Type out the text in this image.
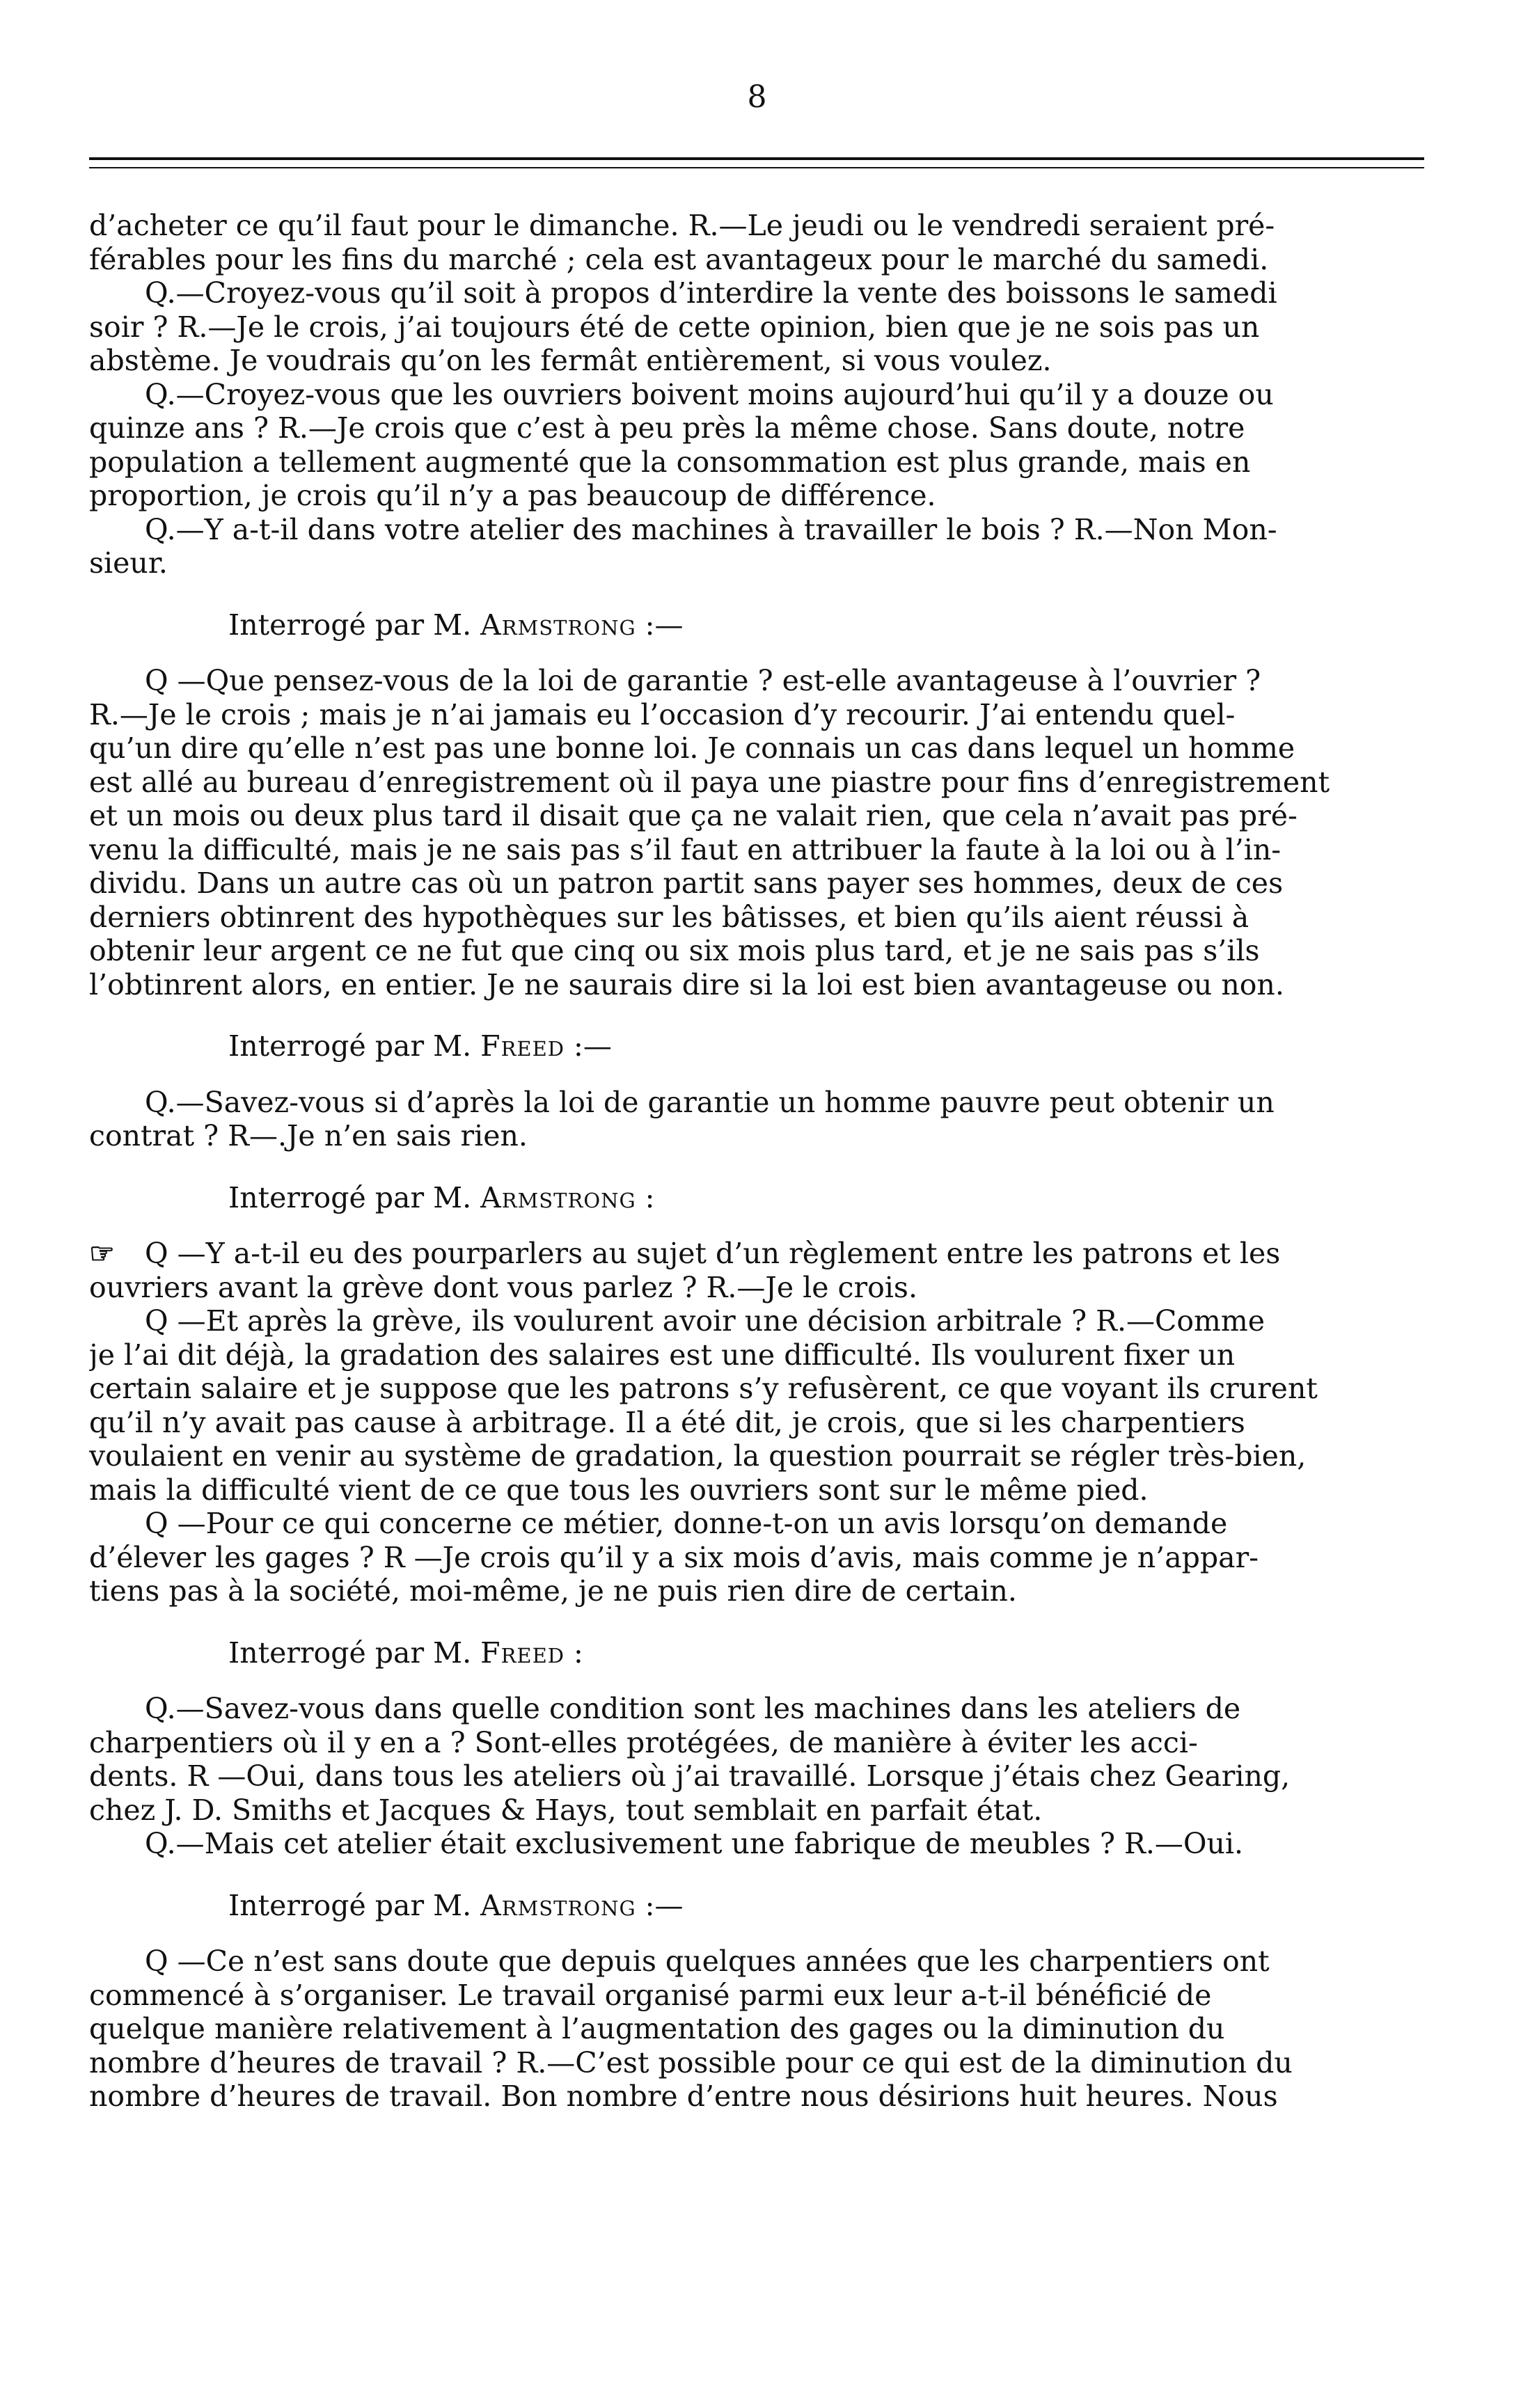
8
d’acheter ce qu’il faut pour le dimanche. R.—Le jeudi ou le vendredi seraient pré-
férables pour les fins du marché ; cela est avantageux pour le marché du samedi.
Q.—Croyez-vous qu’il soit à propos d’interdire la vente des boissons le samedi
soir ? R.—Je le crois, j’ai toujours été de cette opinion, bien que je ne sois pas un
abstème. Je voudrais qu’on les fermât entièrement, si vous voulez.
Q.—Croyez-vous que les ouvriers boivent moins aujourd’hui qu’il y a douze ou
quinze ans ? R.—Je crois que c’est à peu près la même chose. Sans doute, notre
population a tellement augmenté que la consommation est plus grande, mais en
proportion, je crois qu’il n’y a pas beaucoup de différence.
Q.—Y a-t-il dans votre atelier des machines à travailler le bois ? R.—Non Mon-
sieur.
Interrogé par M. Armstrong :—
Q —Que pensez-vous de la loi de garantie ? est-elle avantageuse à l’ouvrier ?
R.—Je le crois ; mais je n’ai jamais eu l’occasion d’y recourir. J’ai entendu quel-
qu’un dire qu’elle n’est pas une bonne loi. Je connais un cas dans lequel un homme
est allé au bureau d’enregistrement où il paya une piastre pour fins d’enregistrement
et un mois ou deux plus tard il disait que ça ne valait rien, que cela n’avait pas pré-
venu la difficulté, mais je ne sais pas s’il faut en attribuer la faute à la loi ou à l’in-
dividu. Dans un autre cas où un patron partit sans payer ses hommes, deux de ces
derniers obtinrent des hypothèques sur les bâtisses, et bien qu’ils aient réussi à
obtenir leur argent ce ne fut que cinq ou six mois plus tard, et je ne sais pas s’ils
l’obtinrent alors, en entier. Je ne saurais dire si la loi est bien avantageuse ou non.
Interrogé par M. Freed :—
Q.—Savez-vous si d’après la loi de garantie un homme pauvre peut obtenir un
contrat ? R—.Je n’en sais rien.
Interrogé par M. Armstrong :
☞ Q —Y a-t-il eu des pourparlers au sujet d’un règlement entre les patrons et les
ouvriers avant la grève dont vous parlez ? R.—Je le crois.
Q —Et après la grève, ils voulurent avoir une décision arbitrale ? R.—Comme
je l’ai dit déjà, la gradation des salaires est une difficulté. Ils voulurent fixer un
certain salaire et je suppose que les patrons s’y refusèrent, ce que voyant ils crurent
qu’il n’y avait pas cause à arbitrage. Il a été dit, je crois, que si les charpentiers
voulaient en venir au système de gradation, la question pourrait se régler très-bien,
mais la difficulté vient de ce que tous les ouvriers sont sur le même pied.
Q —Pour ce qui concerne ce métier, donne-t-on un avis lorsqu’on demande
d’élever les gages ? R —Je crois qu’il y a six mois d’avis, mais comme je n’appar-
tiens pas à la société, moi-même, je ne puis rien dire de certain.
Interrogé par M. Freed :
Q.—Savez-vous dans quelle condition sont les machines dans les ateliers de
charpentiers où il y en a ? Sont-elles protégées, de manière à éviter les acci-
dents. R —Oui, dans tous les ateliers où j’ai travaillé. Lorsque j’étais chez Gearing,
chez J. D. Smiths et Jacques & Hays, tout semblait en parfait état.
Q.—Mais cet atelier était exclusivement une fabrique de meubles ? R.—Oui.
Interrogé par M. Armstrong :—
Q —Ce n’est sans doute que depuis quelques années que les charpentiers ont
commencé à s’organiser. Le travail organisé parmi eux leur a-t-il bénéficié de
quelque manière relativement à l’augmentation des gages ou la diminution du
nombre d’heures de travail ? R.—C’est possible pour ce qui est de la diminution du
nombre d’heures de travail. Bon nombre d’entre nous désirions huit heures. Nous
